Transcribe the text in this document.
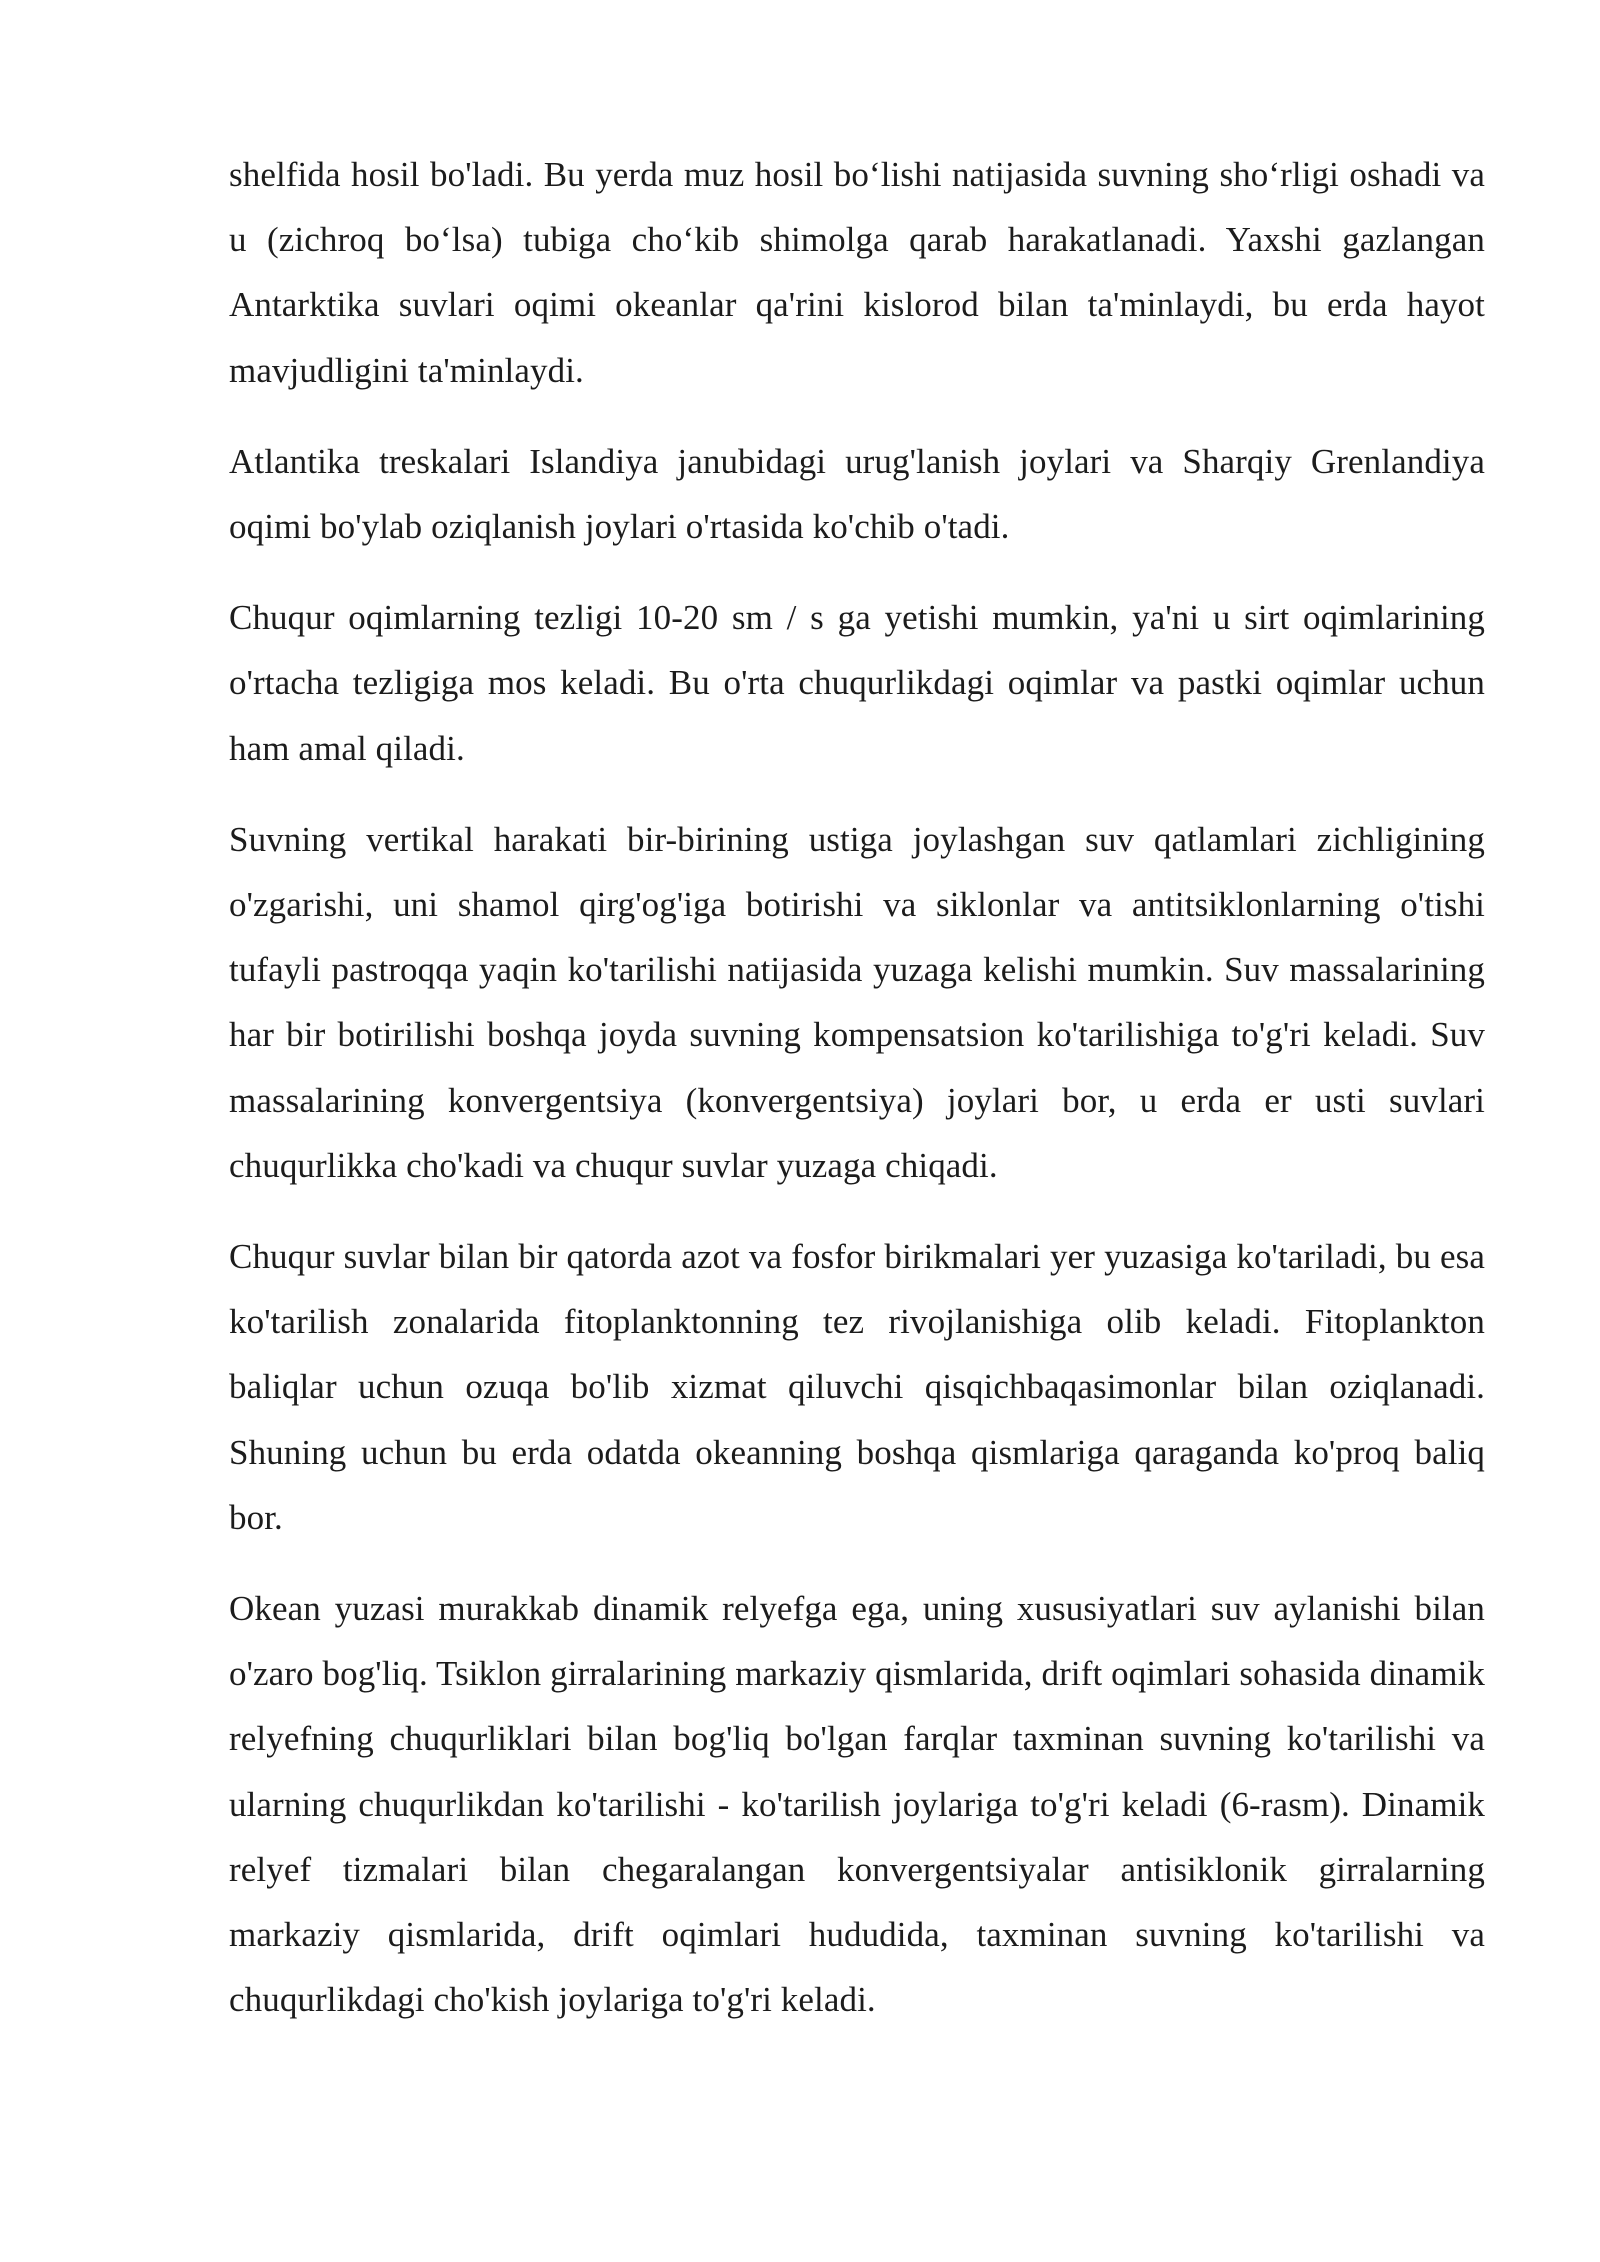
shelfida hosil bo'ladi. Bu yerda muz hosil bo‘lishi natijasida suvning sho‘rligi oshadi va u (zichroq bo‘lsa) tubiga cho‘kib shimolga qarab harakatlanadi. Yaxshi gazlangan Antarktika suvlari oqimi okeanlar qa'rini kislorod bilan ta'minlaydi, bu erda hayot mavjudligini ta'minlaydi.

Atlantika treskalari Islandiya janubidagi urug'lanish joylari va Sharqiy Grenlandiya oqimi bo'ylab oziqlanish joylari o'rtasida ko'chib o'tadi.

Chuqur oqimlarning tezligi 10-20 sm / s ga yetishi mumkin, ya'ni u sirt oqimlarining o'rtacha tezligiga mos keladi. Bu o'rta chuqurlikdagi oqimlar va pastki oqimlar uchun ham amal qiladi.

Suvning vertikal harakati bir-birining ustiga joylashgan suv qatlamlari zichligining o'zgarishi, uni shamol qirg'og'iga botirishi va siklonlar va antitsiklonlarning o'tishi tufayli pastroqqa yaqin ko'tarilishi natijasida yuzaga kelishi mumkin. Suv massalarining har bir botirilishi boshqa joyda suvning kompensatsion ko'tarilishiga to'g'ri keladi. Suv massalarining konvergentsiya (konvergentsiya) joylari bor, u erda er usti suvlari chuqurlikka cho'kadi va chuqur suvlar yuzaga chiqadi.

Chuqur suvlar bilan bir qatorda azot va fosfor birikmalari yer yuzasiga ko'tariladi, bu esa ko'tarilish zonalarida fitoplanktonning tez rivojlanishiga olib keladi. Fitoplankton baliqlar uchun ozuqa bo'lib xizmat qiluvchi qisqichbaqasimonlar bilan oziqlanadi. Shuning uchun bu erda odatda okeanning boshqa qismlariga qaraganda ko'proq baliq bor.

Okean yuzasi murakkab dinamik relyefga ega, uning xususiyatlari suv aylanishi bilan o'zaro bog'liq. Tsiklon girralarining markaziy qismlarida, drift oqimlari sohasida dinamik relyefning chuqurliklari bilan bog'liq bo'lgan farqlar taxminan suvning ko'tarilishi va ularning chuqurlikdan ko'tarilishi - ko'tarilish joylariga to'g'ri keladi (6-rasm). Dinamik relyef tizmalari bilan chegaralangan konvergentsiyalar antisiklonik girralarning markaziy qismlarida, drift oqimlari hududida, taxminan suvning ko'tarilishi va chuqurlikdagi cho'kish joylariga to'g'ri keladi.
